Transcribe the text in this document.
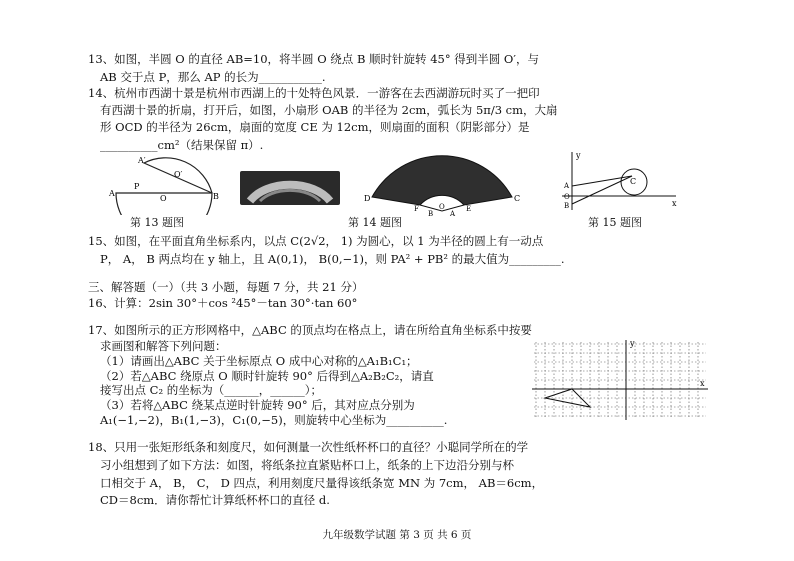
13、如图，半圆 O 的直径 AB=10，将半圆 O 绕点 B 顺时针旋转 45° 得到半圆 O′，与
AB 交于点 P，那么 AP 的长为___________.
14、杭州市西湖十景是杭州市西湖上的十处特色风景．一游客在去西湖游玩时买了一把印
有西湖十景的折扇，打开后，如图，小扇形 OAB 的半径为 2cm，弧长为 5π/3 cm，大扇
形 OCD 的半径为 26cm，扇面的宽度 CE 为 12cm，则扇面的面积（阴影部分）是
__________cm²（结果保留 π）.
A	B
O
O′
A′
P
第 13 题图
D	C
E
F
B A
O
第 14 题图
y
x
A
B
O
C
第 15 题图
15、如图，在平面直角坐标系内，以点 C(2√2， 1) 为圆心，以 1 为半径的圆上有一动点
P， A， B 两点均在 y 轴上，且 A(0,1)， B(0,−1)，则 PA² + PB² 的最大值为_________.
三、解答题（一）（共 3 小题，每题 7 分，共 21 分）
16、计算：2sin 30°＋cos ²45°－tan 30°·tan 60°
17、如图所示的正方形网格中，△ABC 的顶点均在格点上，请在所给直角坐标系中按要
求画图和解答下列问题：
（1）请画出△ABC 关于坐标原点 O 成中心对称的△A₁B₁C₁；
（2）若△ABC 绕原点 O 顺时针旋转 90° 后得到△A₂B₂C₂，请直
接写出点 C₂ 的坐标为（______，______）；
（3）若将△ABC 绕某点逆时针旋转 90° 后，其对应点分别为
A₁(−1,−2)，B₁(1,−3)，C₁(0,−5)，则旋转中心坐标为__________.
y
x
18、只用一张矩形纸条和刻度尺，如何测量一次性纸杯杯口的直径？小聪同学所在的学
习小组想到了如下方法：如图，将纸条拉直紧贴杯口上，纸条的上下边沿分别与杯
口相交于 A， B， C， D 四点，利用刻度尺量得该纸条宽 MN 为 7cm， AB＝6cm，
CD＝8cm．请你帮忙计算纸杯杯口的直径 d.
九年级数学试题 第 3 页 共 6 页
